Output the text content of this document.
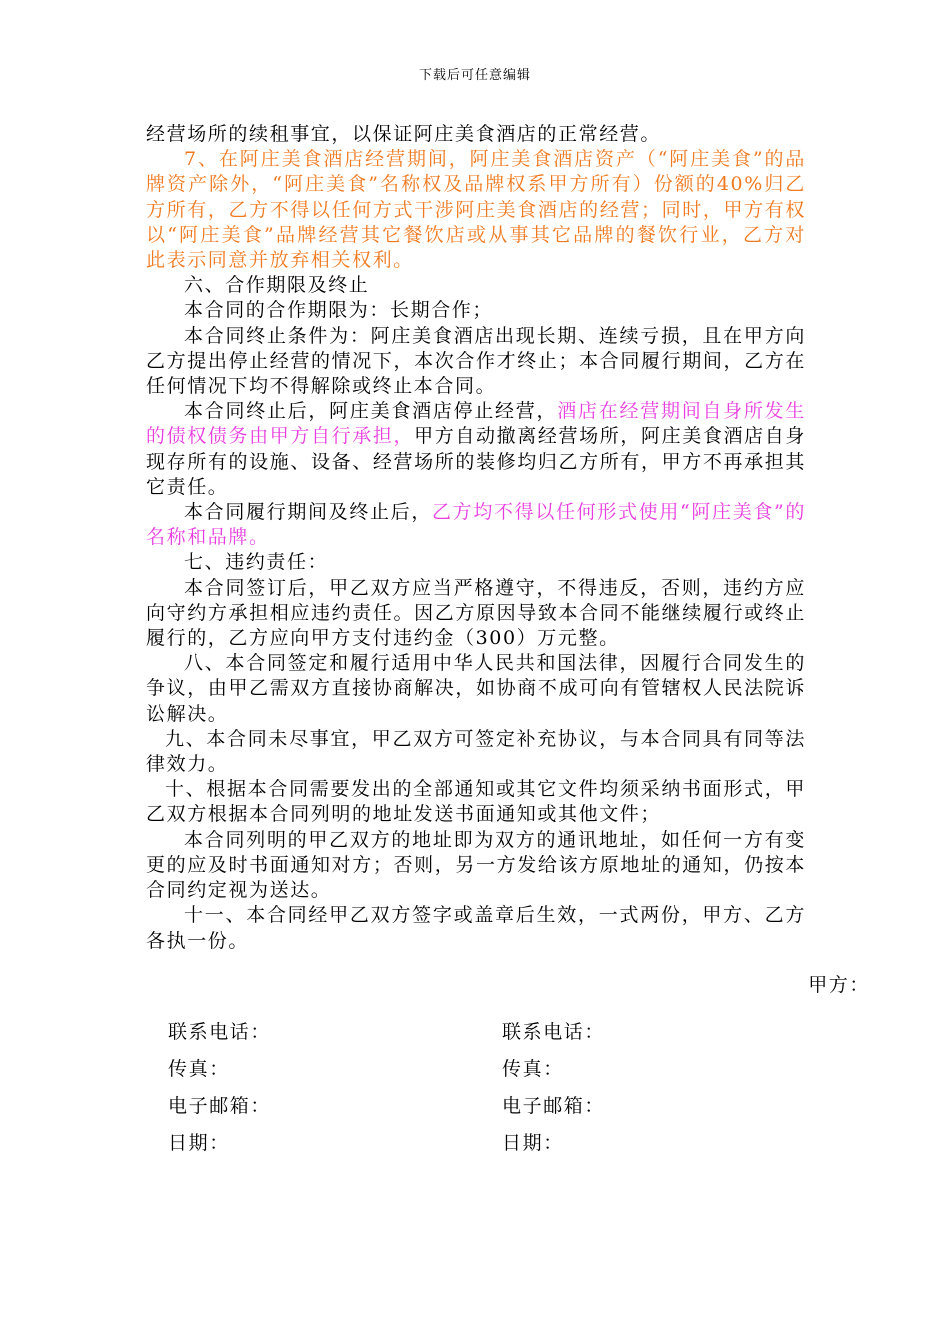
下载后可任意编辑

经营场所的续租事宜，以保证阿庄美食酒店的正常经营。

7、在阿庄美食酒店经营期间，阿庄美食酒店资产（“阿庄美食”的品牌资产除外，“阿庄美食”名称权及品牌权系甲方所有）份额的40%归乙方所有，乙方不得以任何方式干涉阿庄美食酒店的经营；同时，甲方有权以“阿庄美食”品牌经营其它餐饮店或从事其它品牌的餐饮行业，乙方对此表示同意并放弃相关权利。

六、合作期限及终止

本合同的合作期限为：长期合作；

本合同终止条件为：阿庄美食酒店出现长期、连续亏损，且在甲方向乙方提出停止经营的情况下，本次合作才终止；本合同履行期间，乙方在任何情况下均不得解除或终止本合同。

本合同终止后，阿庄美食酒店停止经营，酒店在经营期间自身所发生的债权债务由甲方自行承担，甲方自动撤离经营场所，阿庄美食酒店自身现存所有的设施、设备、经营场所的装修均归乙方所有，甲方不再承担其它责任。

本合同履行期间及终止后，乙方均不得以任何形式使用“阿庄美食”的名称和品牌。

七、违约责任：

本合同签订后，甲乙双方应当严格遵守，不得违反，否则，违约方应向守约方承担相应违约责任。因乙方原因导致本合同不能继续履行或终止履行的，乙方应向甲方支付违约金（300）万元整。

八、本合同签定和履行适用中华人民共和国法律，因履行合同发生的争议，由甲乙需双方直接协商解决，如协商不成可向有管辖权人民法院诉讼解决。

九、本合同未尽事宜，甲乙双方可签定补充协议，与本合同具有同等法律效力。

十、根据本合同需要发出的全部通知或其它文件均须采纳书面形式，甲乙双方根据本合同列明的地址发送书面通知或其他文件；

本合同列明的甲乙双方的地址即为双方的通讯地址，如任何一方有变更的应及时书面通知对方；否则，另一方发给该方原地址的通知，仍按本合同约定视为送达。

十一、本合同经甲乙双方签字或盖章后生效，一式两份，甲方、乙方各执一份。

甲方：
联系电话：
传真：
电子邮箱：
日期：
联系电话：
传真：
电子邮箱：
日期：
